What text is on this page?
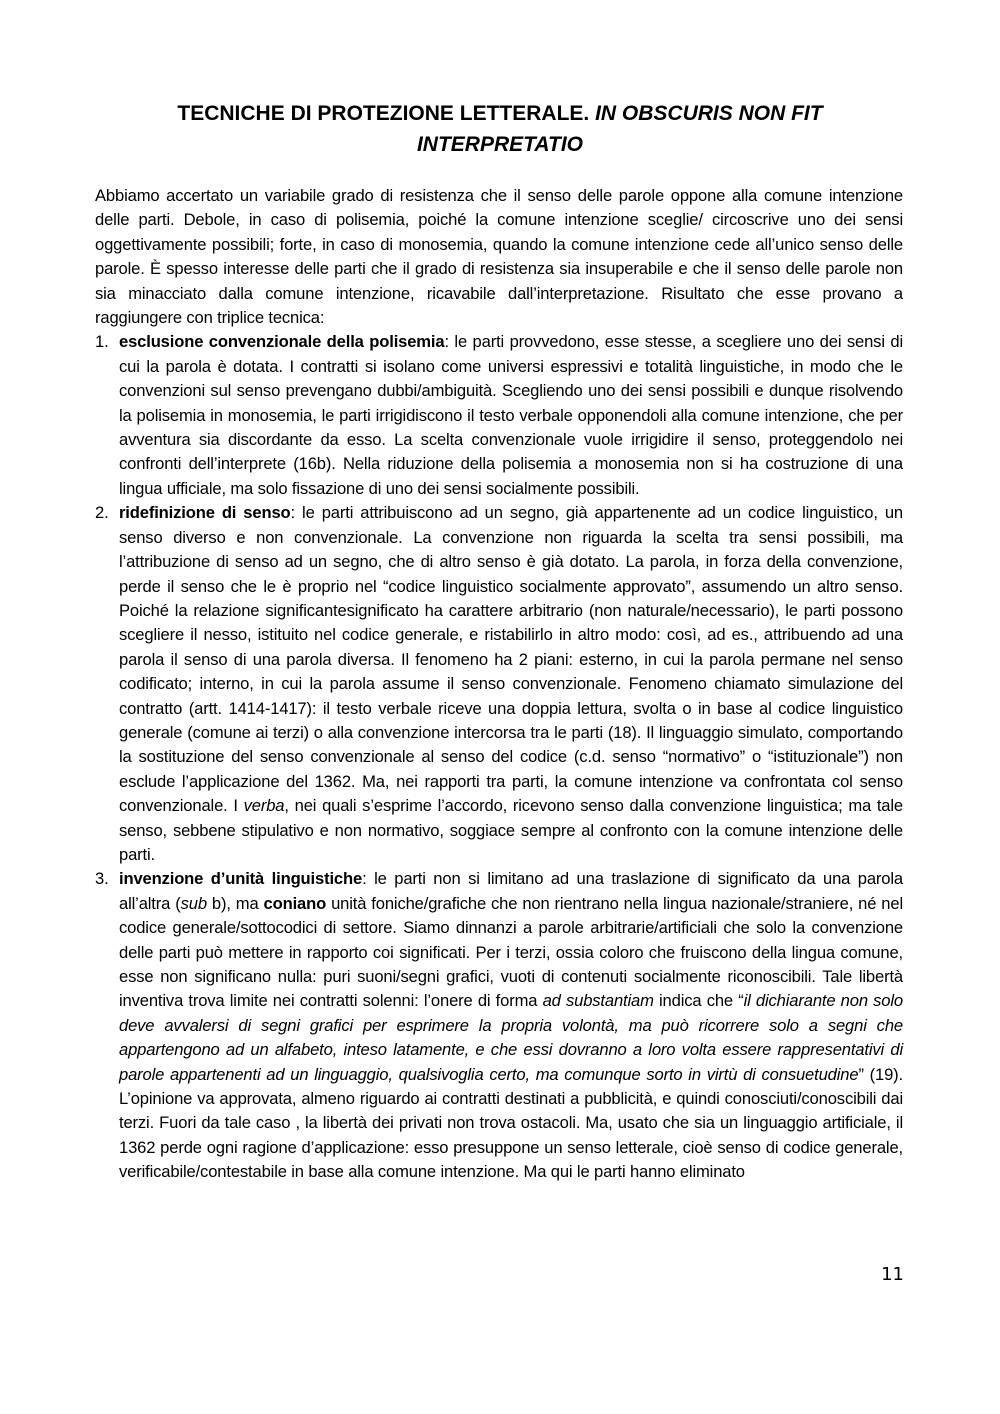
TECNICHE DI PROTEZIONE LETTERALE. IN OBSCURIS NON FIT INTERPRETATIO

Abbiamo accertato un variabile grado di resistenza che il senso delle parole oppone alla comune intenzione delle parti. Debole, in caso di polisemia, poiché la comune intenzione sceglie/ circoscrive uno dei sensi oggettivamente possibili; forte, in caso di monosemia, quando la comune intenzione cede all’unico senso delle parole. È spesso interesse delle parti che il grado di resistenza sia insuperabile e che il senso delle parole non sia minacciato dalla comune intenzione, ricavabile dall’interpretazione. Risultato che esse provano a raggiungere con triplice tecnica:

1. esclusione convenzionale della polisemia: le parti provvedono, esse stesse, a scegliere uno dei sensi di cui la parola è dotata. I contratti si isolano come universi espressivi e totalità linguistiche, in modo che le convenzioni sul senso prevengano dubbi/ambiguità. Scegliendo uno dei sensi possibili e dunque risolvendo la polisemia in monosemia, le parti irrigidiscono il testo verbale opponendoli alla comune intenzione, che per avventura sia discordante da esso. La scelta convenzionale vuole irrigidire il senso, proteggendolo nei confronti dell’interprete (16b). Nella riduzione della polisemia a monosemia non si ha costruzione di una lingua ufficiale, ma solo fissazione di uno dei sensi socialmente possibili.
2. ridefinizione di senso: le parti attribuiscono ad un segno, già appartenente ad un codice linguistico, un senso diverso e non convenzionale. La convenzione non riguarda la scelta tra sensi possibili, ma l’attribuzione di senso ad un segno, che di altro senso è già dotato. La parola, in forza della convenzione, perde il senso che le è proprio nel “codice linguistico socialmente approvato”, assumendo un altro senso. Poiché la relazione significantesignificato ha carattere arbitrario (non naturale/necessario), le parti possono scegliere il nesso, istituito nel codice generale, e ristabilirlo in altro modo: così, ad es., attribuendo ad una parola il senso di una parola diversa. Il fenomeno ha 2 piani: esterno, in cui la parola permane nel senso codificato; interno, in cui la parola assume il senso convenzionale. Fenomeno chiamato simulazione del contratto (artt. 1414-1417): il testo verbale riceve una doppia lettura, svolta o in base al codice linguistico generale (comune ai terzi) o alla convenzione intercorsa tra le parti (18). Il linguaggio simulato, comportando la sostituzione del senso convenzionale al senso del codice (c.d. senso “normativo” o “istituzionale”) non esclude l’applicazione del 1362. Ma, nei rapporti tra parti, la comune intenzione va confrontata col senso convenzionale. I verba, nei quali s’esprime l’accordo, ricevono senso dalla convenzione linguistica; ma tale senso, sebbene stipulativo e non normativo, soggiace sempre al confronto con la comune intenzione delle parti.
3. invenzione d’unità linguistiche: le parti non si limitano ad una traslazione di significato da una parola all’altra (sub b), ma coniano unità foniche/grafiche che non rientrano nella lingua nazionale/straniere, né nel codice generale/sottocodici di settore. Siamo dinnanzi a parole arbitrarie/artificiali che solo la convenzione delle parti può mettere in rapporto coi significati. Per i terzi, ossia coloro che fruiscono della lingua comune, esse non significano nulla: puri suoni/segni grafici, vuoti di contenuti socialmente riconoscibili. Tale libertà inventiva trova limite nei contratti solenni: l’onere di forma ad substantiam indica che “il dichiarante non solo deve avvalersi di segni grafici per esprimere la propria volontà, ma può ricorrere solo a segni che appartengono ad un alfabeto, inteso latamente, e che essi dovranno a loro volta essere rappresentativi di parole appartenenti ad un linguaggio, qualsivoglia certo, ma comunque sorto in virtù di consuetudine” (19). L’opinione va approvata, almeno riguardo ai contratti destinati a pubblicità, e quindi conosciuti/conoscibili dai terzi. Fuori da tale caso , la libertà dei privati non trova ostacoli. Ma, usato che sia un linguaggio artificiale, il 1362 perde ogni ragione d’applicazione: esso presuppone un senso letterale, cioè senso di codice generale, verificabile/contestabile in base alla comune intenzione. Ma qui le parti hanno eliminato
11
